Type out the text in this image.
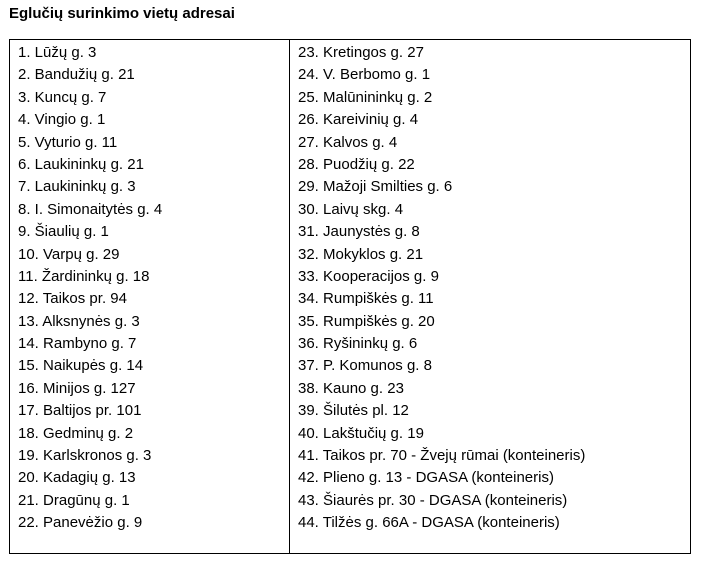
Eglučių surinkimo vietų adresai
1. Lūžų g. 3
2. Bandužių g. 21
3. Kuncų g. 7
4. Vingio g. 1
5. Vyturio g. 11
6. Laukininkų g. 21
7. Laukininkų g. 3
8. I. Simonaitytės g. 4
9. Šiaulių g. 1
10. Varpų g. 29
11. Žardininkų g. 18
12. Taikos pr. 94
13. Alksnynės g. 3
14. Rambyno g. 7
15. Naikupės g. 14
16. Minijos g. 127
17. Baltijos pr. 101
18. Gedminų g. 2
19. Karlskronos g. 3
20. Kadagių g. 13
21. Dragūnų g. 1
22. Panevėžio g. 9
23. Kretingos g. 27
24. V. Berbomo g. 1
25. Malūnininkų g. 2
26. Kareivinių g. 4
27. Kalvos g. 4
28. Puodžių g. 22
29. Mažoji Smilties g. 6
30. Laivų skg. 4
31. Jaunystės g. 8
32. Mokyklos g. 21
33. Kooperacijos g. 9
34. Rumpiškės g. 11
35. Rumpiškės g. 20
36. Ryšininkų g. 6
37. P. Komunos g. 8
38. Kauno g. 23
39. Šilutės pl. 12
40. Lakštučių g. 19
41. Taikos pr. 70 - Žvejų rūmai (konteineris)
42. Plieno g. 13 - DGASA (konteineris)
43. Šiaurės pr. 30 - DGASA (konteineris)
44. Tilžės g. 66A - DGASA (konteineris)
